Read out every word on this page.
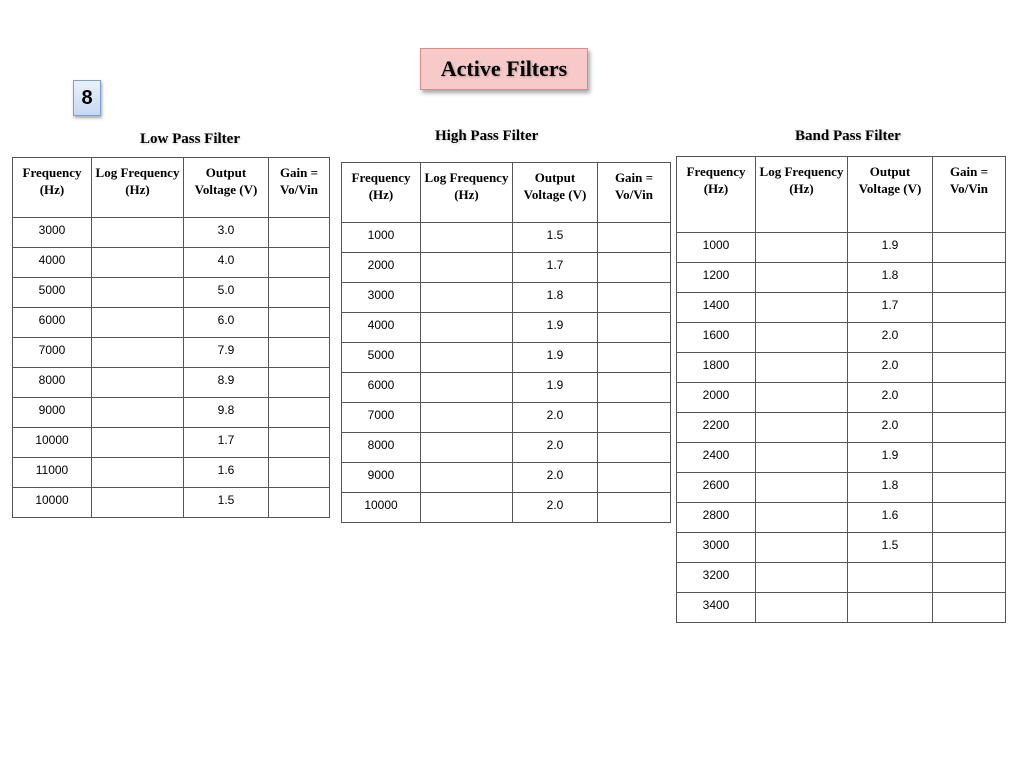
Active Filters
8
Low Pass Filter	High Pass Filter	Band Pass Filter
Frequency (Hz)	Log Frequency (Hz)	Output Voltage (V)	Gain = Vo/Vin
3000		3.0	
4000		4.0	
5000		5.0	
6000		6.0	
7000		7.9	
8000		8.9	
9000		9.8	
10000		1.7	
11000		1.6	
10000		1.5	
Frequency (Hz)	Log Frequency (Hz)	Output Voltage (V)	Gain = Vo/Vin
1000		1.5	
2000		1.7	
3000		1.8	
4000		1.9	
5000		1.9	
6000		1.9	
7000		2.0	
8000		2.0	
9000		2.0	
10000		2.0	
Frequency (Hz)	Log Frequency (Hz)	Output Voltage (V)	Gain = Vo/Vin
1000		1.9	
1200		1.8	
1400		1.7	
1600		2.0	
1800		2.0	
2000		2.0	
2200		2.0	
2400		1.9	
2600		1.8	
2800		1.6	
3000		1.5	
3200			
3400			
